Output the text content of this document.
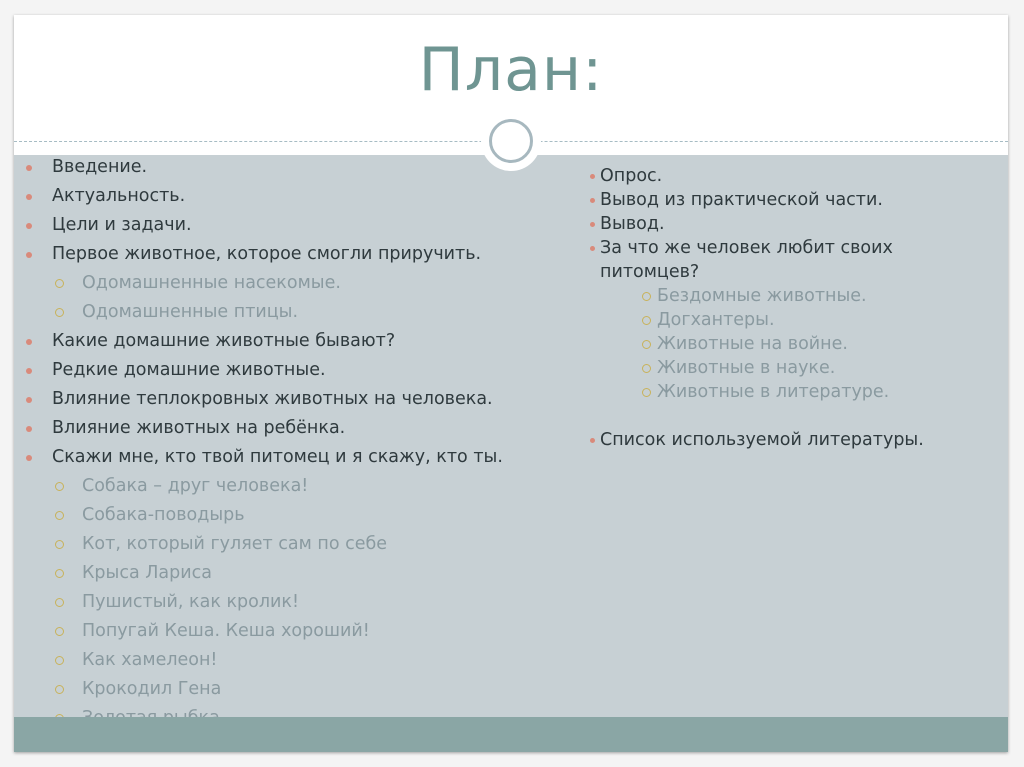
План:
Введение.
Актуальность.
Цели и задачи.
Первое животное, которое смогли приручить.
Одомашненные насекомые.
Одомашненные птицы.
Какие домашние животные бывают?
Редкие домашние животные.
Влияние теплокровных животных на человека.
Влияние животных на ребёнка.
Скажи мне, кто твой питомец и я скажу, кто ты.
Собака – друг человека!
Собака-поводырь
Кот, который гуляет сам по себе
Крыса Лариса
Пушистый, как кролик!
Попугай Кеша. Кеша хороший!
Как хамелеон!
Крокодил Гена
Опрос.
Вывод из практической части.
Вывод.
За что же человек любит своих
питомцев?
Бездомные животные.
Догхантеры.
Животные на войне.
Животные в науке.
Животные в литературе.
Список используемой литературы.
